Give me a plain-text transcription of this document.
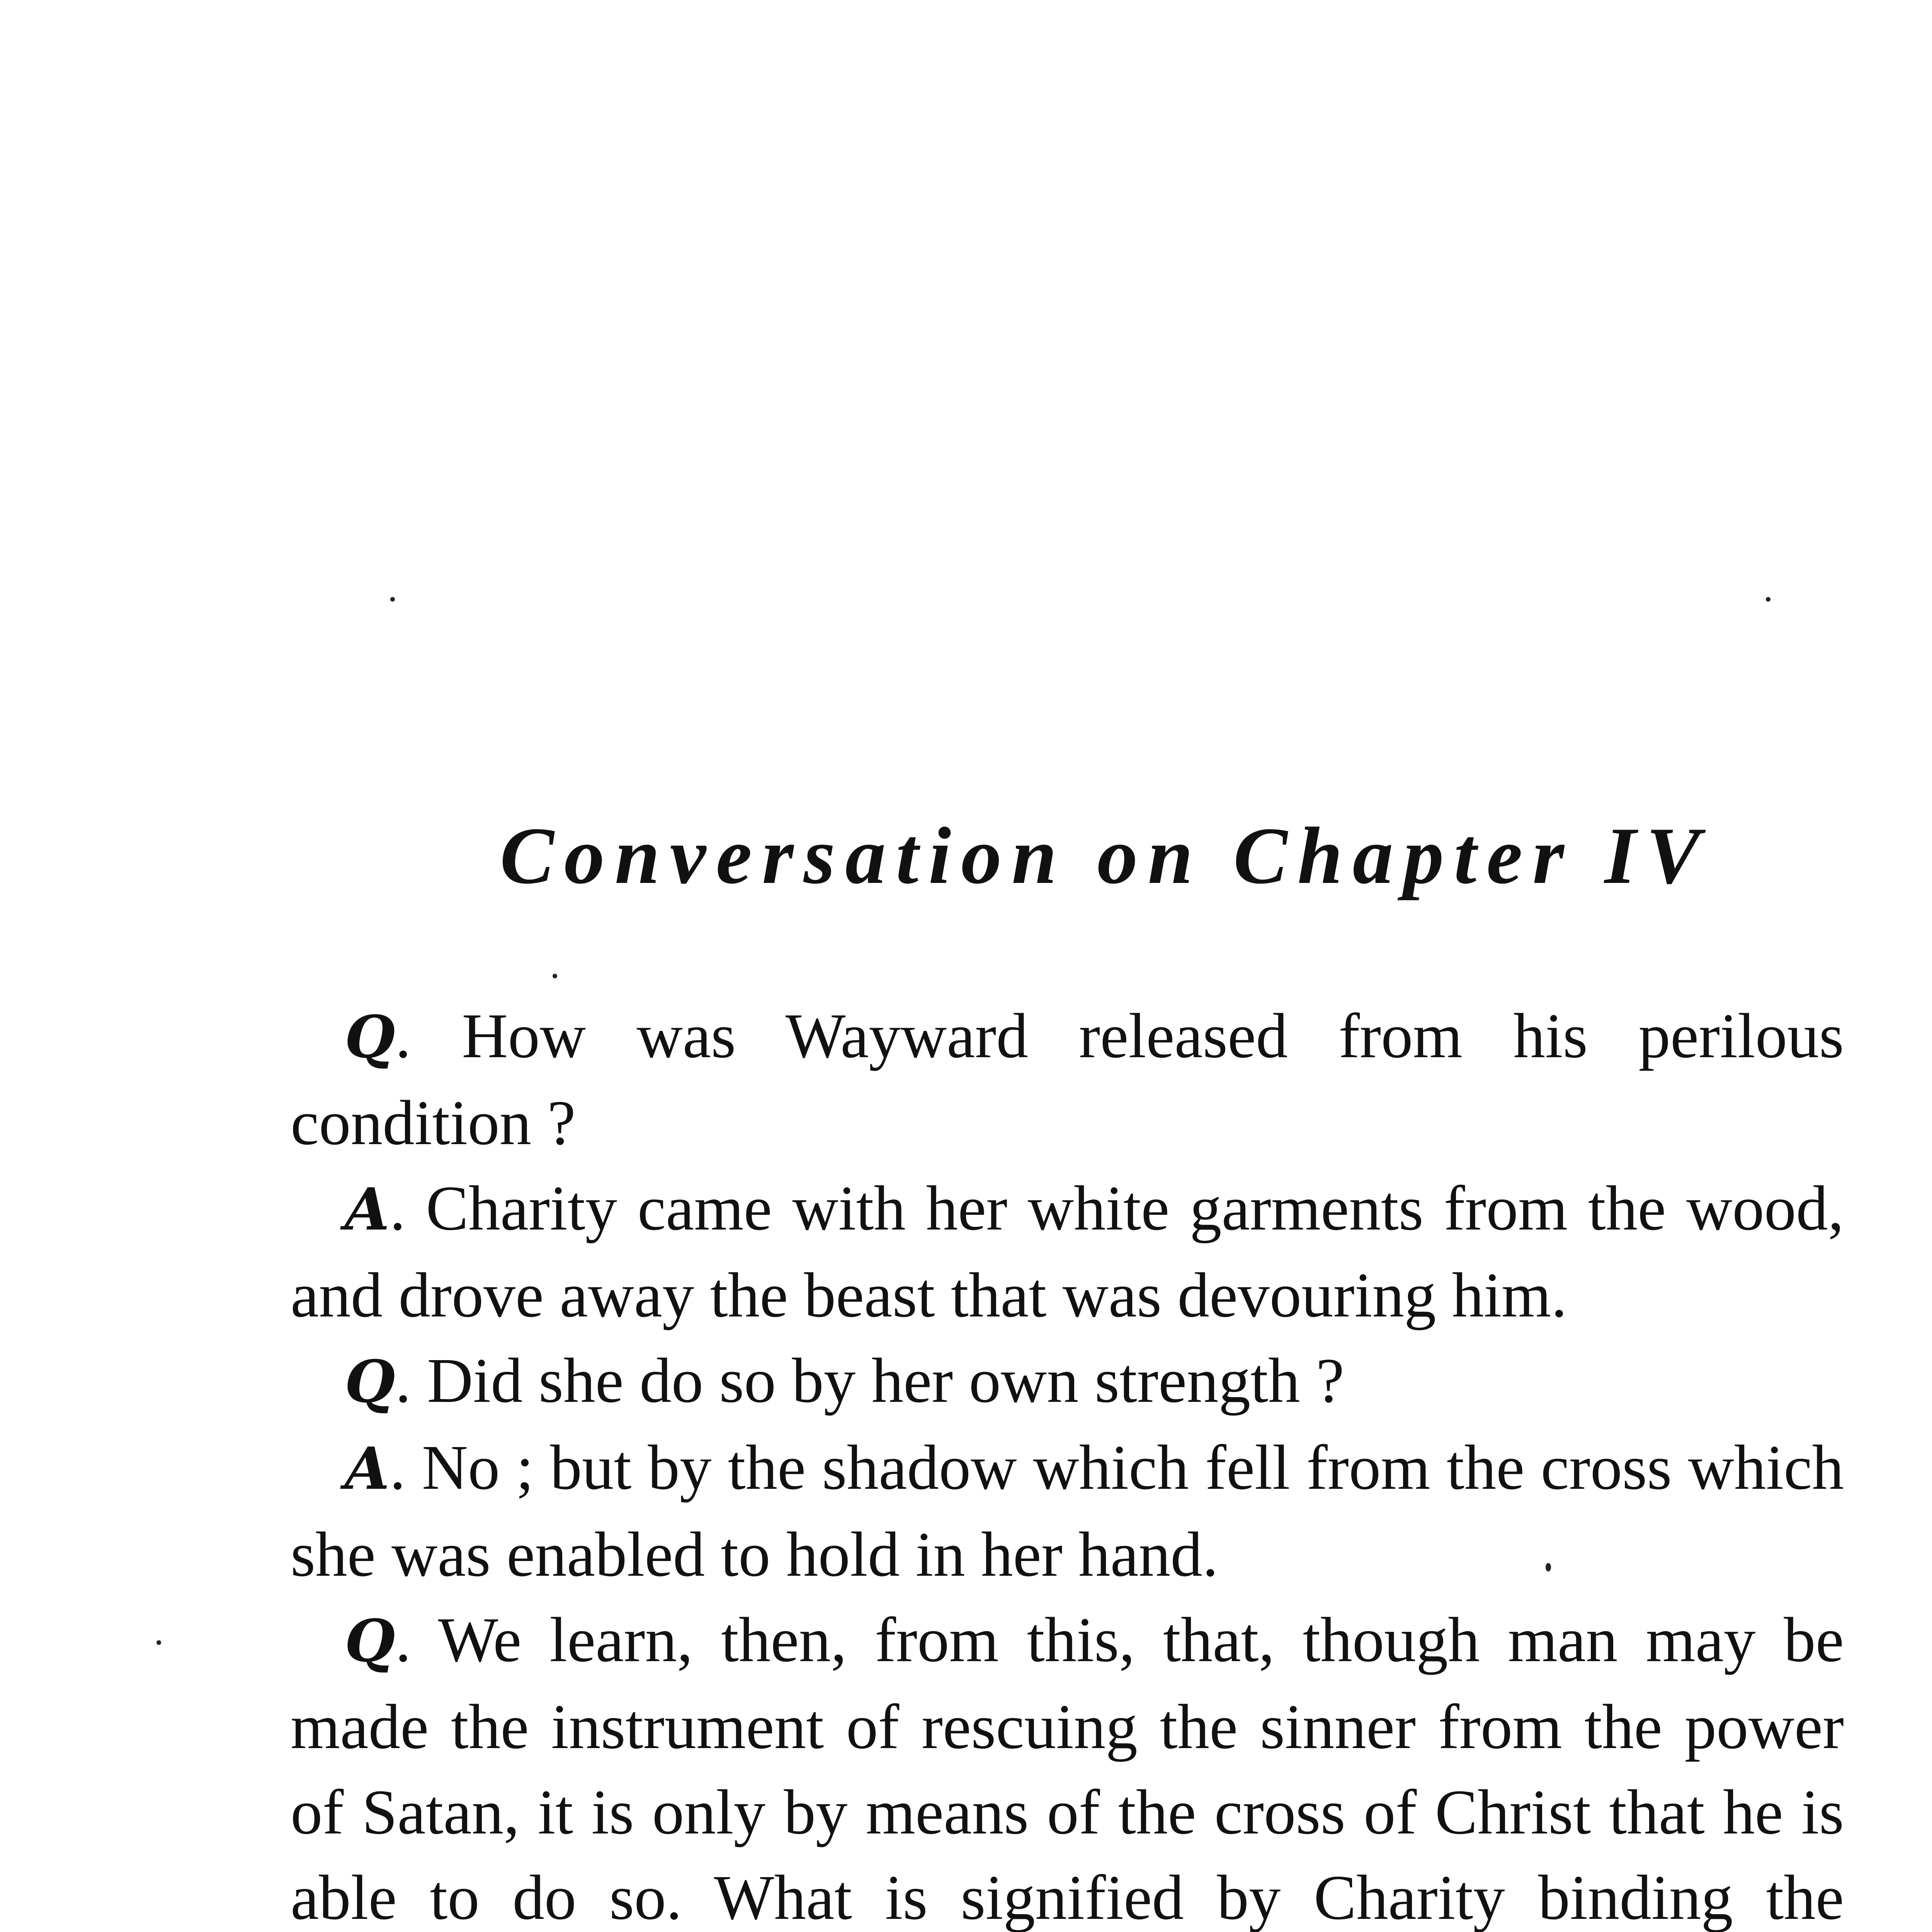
Conversation on Chapter IV

Q. How was Wayward released from his perilous condition ?

A. Charity came with her white garments from the wood, and drove away the beast that was devouring him.

Q. Did she do so by her own strength ?

A. No ; but by the shadow which fell from the cross which she was enabled to hold in her hand.

Q. We learn, then, from this, that, though man may be made the instrument of rescuing the sinner from the power of Satan, it is only by means of the cross of Christ that he is able to do so. What is signified by Charity binding the
